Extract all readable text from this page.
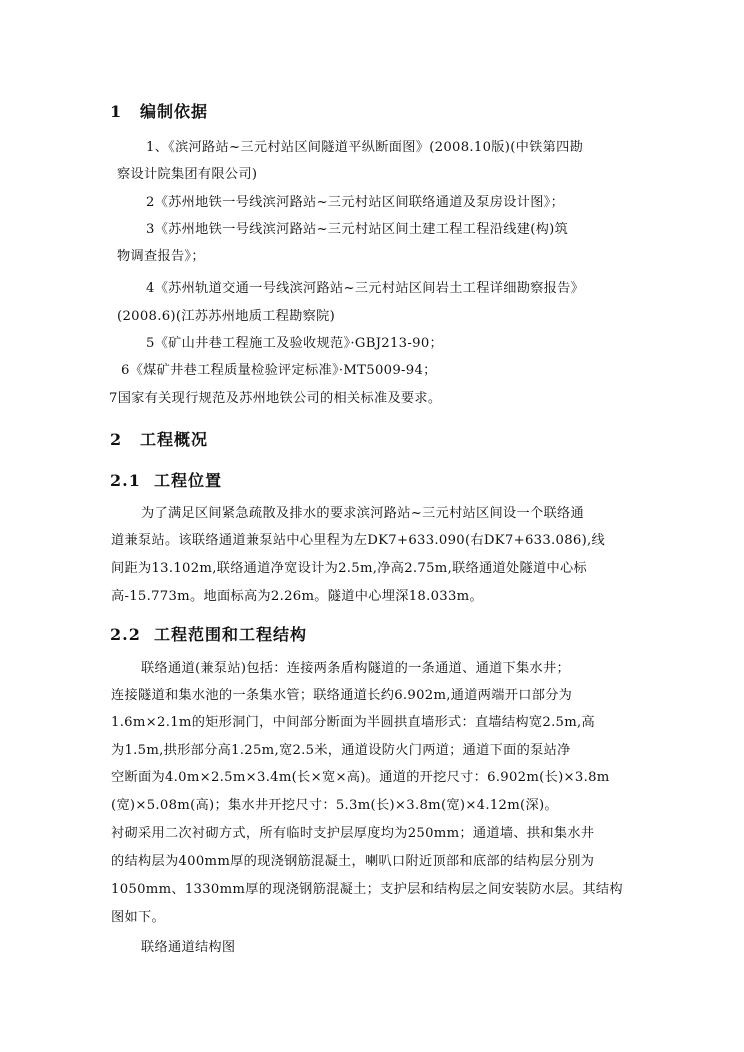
1 编制依据
1、《滨河路站~三元村站区间隧道平纵断面图》(2008.10版)(中铁第四勘
察设计院集团有限公司)
2《苏州地铁一号线滨河路站~三元村站区间联络通道及泵房设计图》；
3《苏州地铁一号线滨河路站~三元村站区间土建工程工程沿线建(构)筑
物调查报告》；
4《苏州轨道交通一号线滨河路站~三元村站区间岩土工程详细勘察报告》
(2008.6)(江苏苏州地质工程勘察院)
5《矿山井巷工程施工及验收规范》·GBJ213-90；
6《煤矿井巷工程质量检验评定标准》·MT5009-94；
7国家有关现行规范及苏州地铁公司的相关标准及要求。
2 工程概况
2.1 工程位置
为了满足区间紧急疏散及排水的要求滨河路站~三元村站区间设一个联络通
道兼泵站。该联络通道兼泵站中心里程为左DK7+633.090(右DK7+633.086),线
间距为13.102m,联络通道净宽设计为2.5m,净高2.75m,联络通道处隧道中心标
高-15.773m。地面标高为2.26m。隧道中心埋深18.033m。
2.2 工程范围和工程结构
联络通道(兼泵站)包括：连接两条盾构隧道的一条通道、通道下集水井；
连接隧道和集水池的一条集水管；联络通道长约6.902m,通道两端开口部分为
1.6m×2.1m的矩形洞门，中间部分断面为半圆拱直墙形式：直墙结构宽2.5m,高
为1.5m,拱形部分高1.25m,宽2.5米，通道设防火门两道；通道下面的泵站净
空断面为4.0m×2.5m×3.4m(长×宽×高)。通道的开挖尺寸：6.902m(长)×3.8m
(宽)×5.08m(高)；集水井开挖尺寸：5.3m(长)×3.8m(宽)×4.12m(深)。
衬砌采用二次衬砌方式，所有临时支护层厚度均为250mm；通道墙、拱和集水井
的结构层为400mm厚的现浇钢筋混凝土，喇叭口附近顶部和底部的结构层分别为
1050mm、1330mm厚的现浇钢筋混凝土；支护层和结构层之间安装防水层。其结构
图如下。
联络通道结构图
